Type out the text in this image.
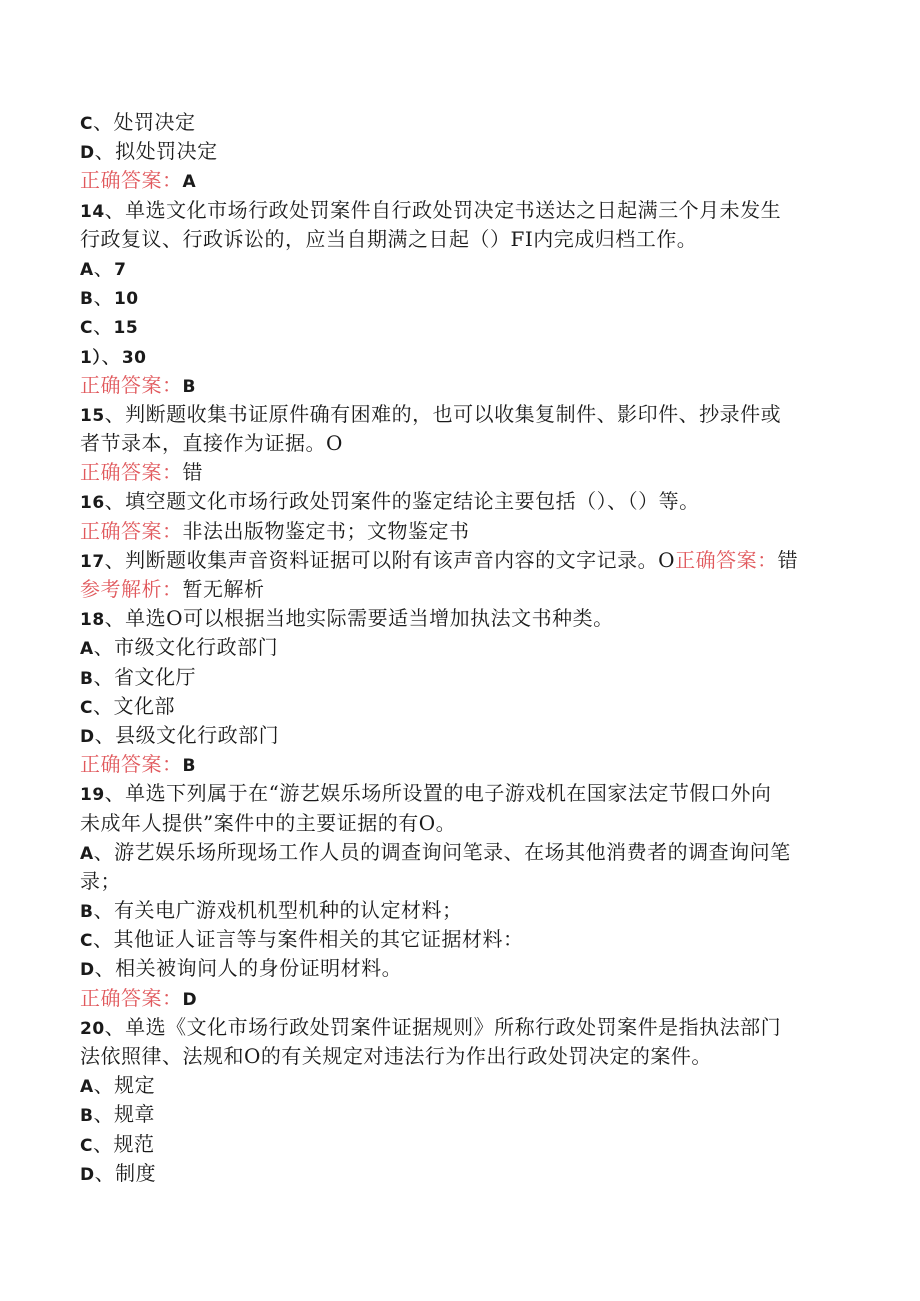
C、处罚决定
D、拟处罚决定
正确答案：A
14、单选文化市场行政处罚案件自行政处罚决定书送达之日起满三个月未发生
行政复议、行政诉讼的，应当自期满之日起（）FI内完成归档工作。
A、7
B、10
C、15
1）、30
正确答案：B
15、判断题收集书证原件确有困难的，也可以收集复制件、影印件、抄录件或
者节录本，直接作为证据。O
正确答案：错
16、填空题文化市场行政处罚案件的鉴定结论主要包括（）、（）等。
正确答案：非法出版物鉴定书；文物鉴定书
17、判断题收集声音资料证据可以附有该声音内容的文字记录。O正确答案：错
参考解析：暂无解析
18、单选O可以根据当地实际需要适当增加执法文书种类。
A、市级文化行政部门
B、省文化厅
C、文化部
D、县级文化行政部门
正确答案：B
19、单选下列属于在“游艺娱乐场所设置的电子游戏机在国家法定节假口外向
未成年人提供”案件中的主要证据的有O。
A、游艺娱乐场所现场工作人员的调查询问笔录、在场其他消费者的调查询问笔
录；
B、有关电广游戏机机型机种的认定材料；
C、其他证人证言等与案件相关的其它证据材料：
D、相关被询问人的身份证明材料。
正确答案：D
20、单选《文化市场行政处罚案件证据规则》所称行政处罚案件是指执法部门
法依照律、法规和O的有关规定对违法行为作出行政处罚决定的案件。
A、规定
B、规章
C、规范
D、制度
